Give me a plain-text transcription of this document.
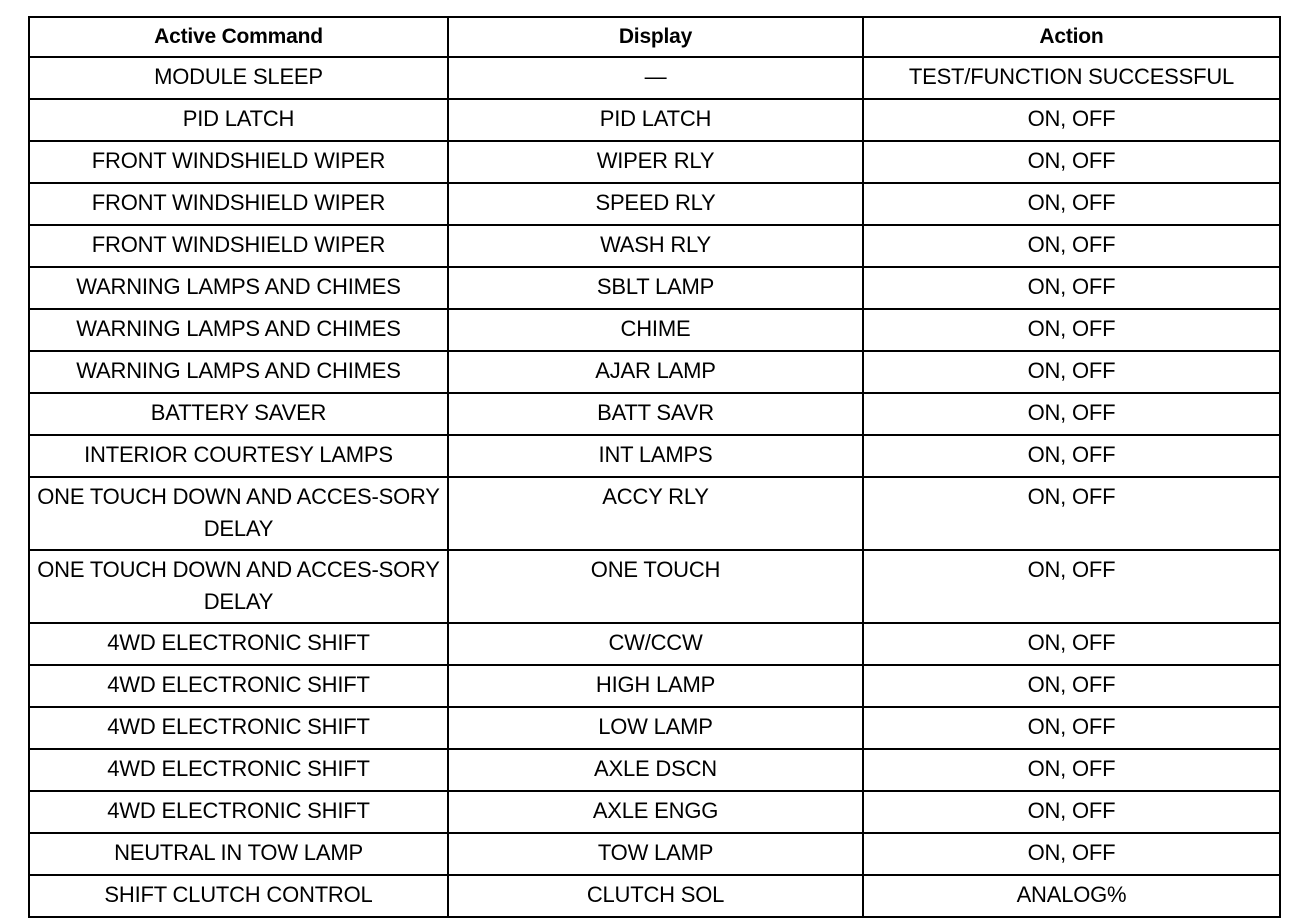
Active Command	Display	Action
MODULE SLEEP	—	TEST/FUNCTION SUCCESSFUL
PID LATCH	PID LATCH	ON, OFF
FRONT WINDSHIELD WIPER	WIPER RLY	ON, OFF
FRONT WINDSHIELD WIPER	SPEED RLY	ON, OFF
FRONT WINDSHIELD WIPER	WASH RLY	ON, OFF
WARNING LAMPS AND CHIMES	SBLT LAMP	ON, OFF
WARNING LAMPS AND CHIMES	CHIME	ON, OFF
WARNING LAMPS AND CHIMES	AJAR LAMP	ON, OFF
BATTERY SAVER	BATT SAVR	ON, OFF
INTERIOR COURTESY LAMPS	INT LAMPS	ON, OFF
ONE TOUCH DOWN AND ACCES-SORY DELAY	ACCY RLY	ON, OFF
ONE TOUCH DOWN AND ACCES-SORY DELAY	ONE TOUCH	ON, OFF
4WD ELECTRONIC SHIFT	CW/CCW	ON, OFF
4WD ELECTRONIC SHIFT	HIGH LAMP	ON, OFF
4WD ELECTRONIC SHIFT	LOW LAMP	ON, OFF
4WD ELECTRONIC SHIFT	AXLE DSCN	ON, OFF
4WD ELECTRONIC SHIFT	AXLE ENGG	ON, OFF
NEUTRAL IN TOW LAMP	TOW LAMP	ON, OFF
SHIFT CLUTCH CONTROL	CLUTCH SOL	ANALOG%
